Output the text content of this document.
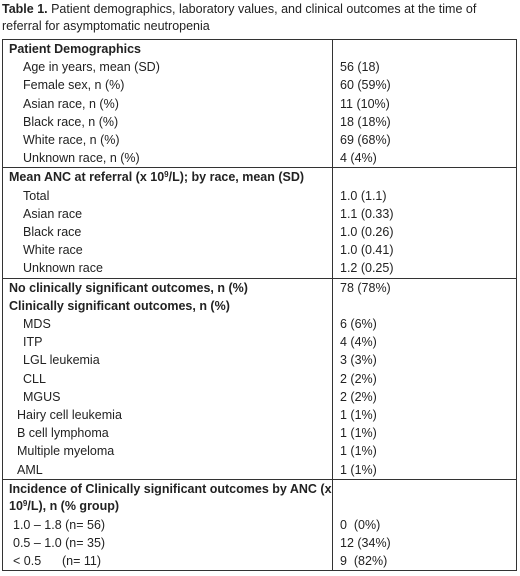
Table 1. Patient demographics, laboratory values, and clinical outcomes at the time of referral for asymptomatic neutropenia
Patient Demographics	
Age in years, mean (SD)	56 (18)
Female sex, n (%)	60 (59%)
Asian race, n (%)	11 (10%)
Black race, n (%)	18 (18%)
White race, n (%)	69 (68%)
Unknown race, n (%)	4 (4%)
Mean ANC at referral (x $10^9/L$); by race, mean (SD)	
Total	1.0 (1.1)
Asian race	1.1 (0.33)
Black race	1.0 (0.26)
White race	1.0 (0.41)
Unknown race	1.2 (0.25)
No clinically significant outcomes, n (%)	78 (78%)
Clinically significant outcomes, n (%)	
MDS	6 (6%)
ITP	4 (4%)
LGL leukemia	3 (3%)
CLL	2 (2%)
MGUS	2 (2%)
Hairy cell leukemia	1 (1%)
B cell lymphoma	1 (1%)
Multiple myeloma	1 (1%)
AML	1 (1%)
Incidence of Clinically significant outcomes by ANC (x $10^9/L$), n (% group)	
1.0 – 1.8 (n= 56)	0  (0%)
0.5 – 1.0 (n= 35)	12 (34%)
< 0.5      (n= 11)	9  (82%)
